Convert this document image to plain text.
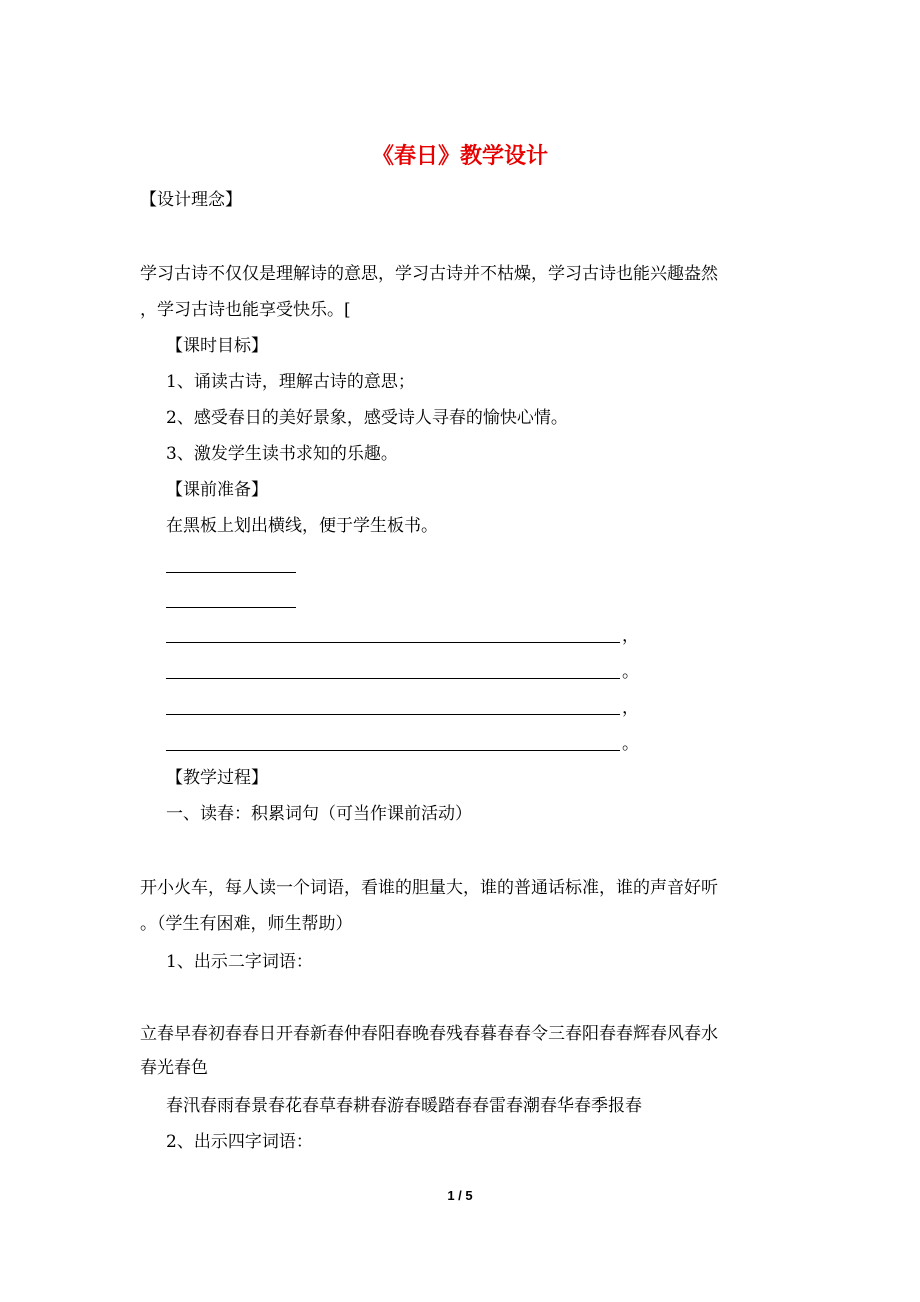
《春日》教学设计
【设计理念】
学习古诗不仅仅是理解诗的意思，学习古诗并不枯燥，学习古诗也能兴趣盎然
，学习古诗也能享受快乐。[
【课时目标】
1、诵读古诗，理解古诗的意思；
2、感受春日的美好景象，感受诗人寻春的愉快心情。
3、激发学生读书求知的乐趣。
【课前准备】
在黑板上划出横线，便于学生板书。
，
。
，
。
【教学过程】
一、读春：积累词句（可当作课前活动）
开小火车，每人读一个词语，看谁的胆量大，谁的普通话标准，谁的声音好听
。（学生有困难，师生帮助）
1、出示二字词语：
立春早春初春春日开春新春仲春阳春晚春残春暮春春令三春阳春春辉春风春水
春光春色
春汛春雨春景春花春草春耕春游春暖踏春春雷春潮春华春季报春
2、出示四字词语：
1 / 5
